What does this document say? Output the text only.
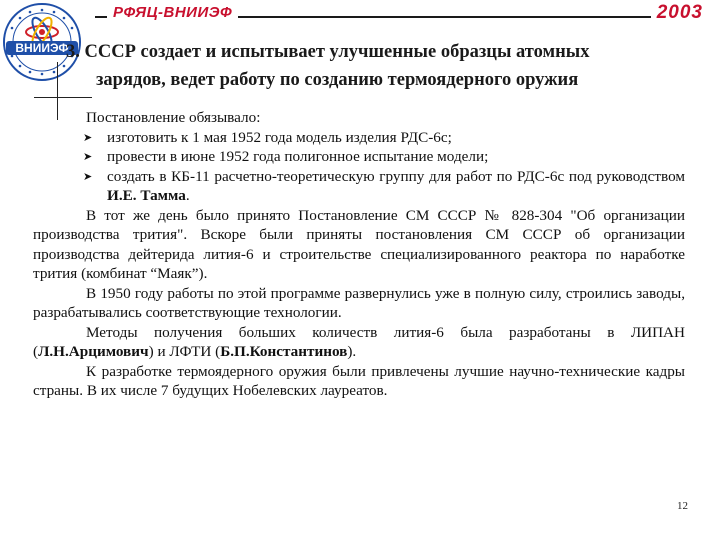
РФЯЦ-ВНИИЭФ	2003
ВНИИЭФ
3. СССР создает и испытывает улучшенные образцы атомных
зарядов, ведет работу по созданию термоядерного оружия

Постановление обязывало:

➤ изготовить к 1 мая 1952 года модель изделия РДС-6с;
➤ провести в июне 1952 года полигонное испытание модели;
➤ создать в КБ-11 расчетно-теоретическую группу для работ по РДС-6с под руководством И.Е. Тамма.

В тот же день было принято Постановление СМ СССР № 828-304 "Об организации производства трития". Вскоре были приняты постановления СМ СССР об организации производства дейтерида лития-6 и строительстве специализированного реактора по наработке трития (комбинат “Маяк”).

В 1950 году работы по этой программе развернулись уже в полную силу, строились заводы, разрабатывались соответствующие технологии.

Методы получения больших количеств лития-6 была разработаны в ЛИПАН (Л.Н.Арцимович) и ЛФТИ (Б.П.Константинов).

К разработке термоядерного оружия были привлечены лучшие научно-технические кадры страны. В их числе 7 будущих Нобелевских лауреатов.

12
